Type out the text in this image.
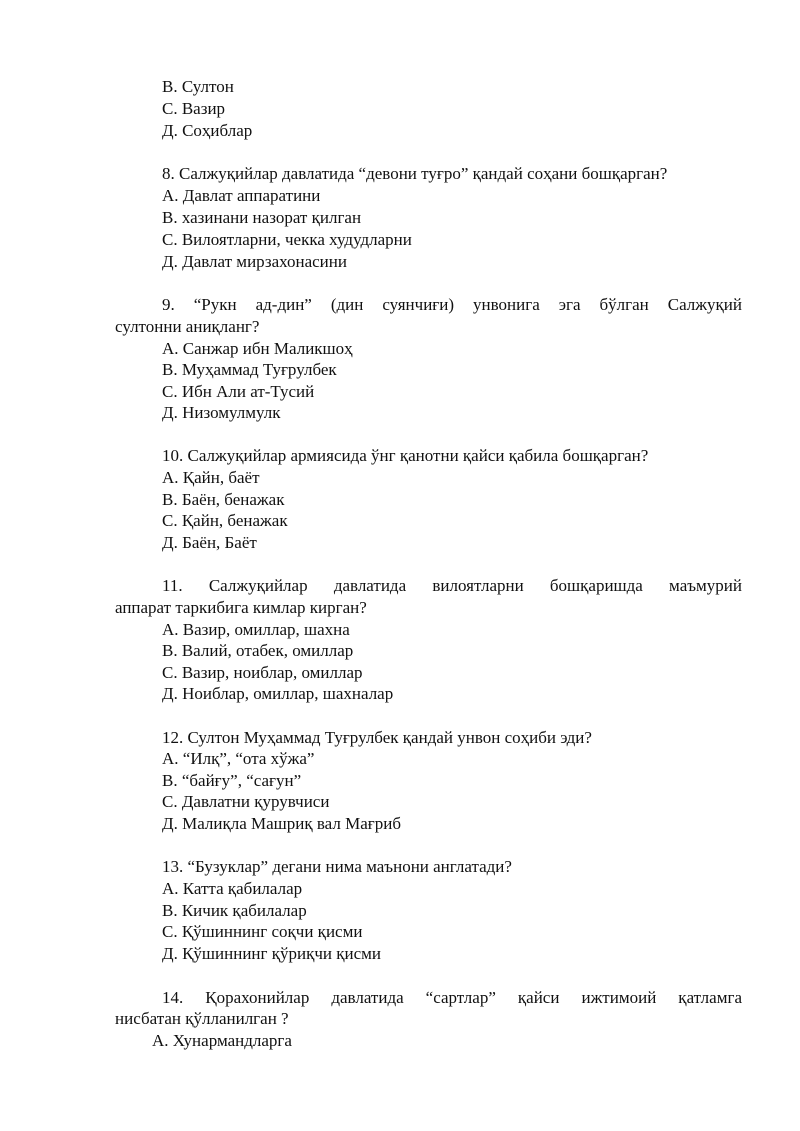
В. Султон
С. Вазир
Д. Соҳиблар
8. Салжуқийлар давлатида “девони туғро” қандай соҳани бошқарган?
А. Давлат аппаратини
В. хазинани назорат қилган
С. Вилоятларни, чекка худудларни
Д. Давлат мирзахонасини
9. “Рукн ад-дин” (дин суянчиғи) унвонига эга бўлган Салжуқий
султонни аниқланг?
А. Санжар ибн Маликшоҳ
В. Муҳаммад Туғрулбек
С. Ибн Али ат-Тусий
Д. Низомулмулк
10. Салжуқийлар армиясида ўнг қанотни қайси қабила бошқарган?
А. Қайн, баёт
В. Баён, бенажак
С. Қайн, бенажак
Д. Баён, Баёт
11. Салжуқийлар давлатида вилоятларни бошқаришда маъмурий
аппарат таркибига кимлар кирган?
А. Вазир, омиллар, шахна
В. Валий, отабек, омиллар
С. Вазир, ноиблар, омиллар
Д. Ноиблар, омиллар, шахналар
12. Султон Муҳаммад Туғрулбек қандай унвон соҳиби эди?
А. “Илқ”, “ота хўжа”
В. “байғу”, “сағун”
С. Давлатни қурувчиси
Д. Малиқла Машриқ вал Мағриб
13. “Бузуклар” дегани нима маънони англатади?
А. Катта қабилалар
В. Кичик қабилалар
С. Қўшиннинг соқчи қисми
Д. Қўшиннинг қўриқчи қисми
14. Қорахонийлар давлатида “сартлар” қайси ижтимоий қатламга
нисбатан қўлланилган ?
А. Хунармандларга
